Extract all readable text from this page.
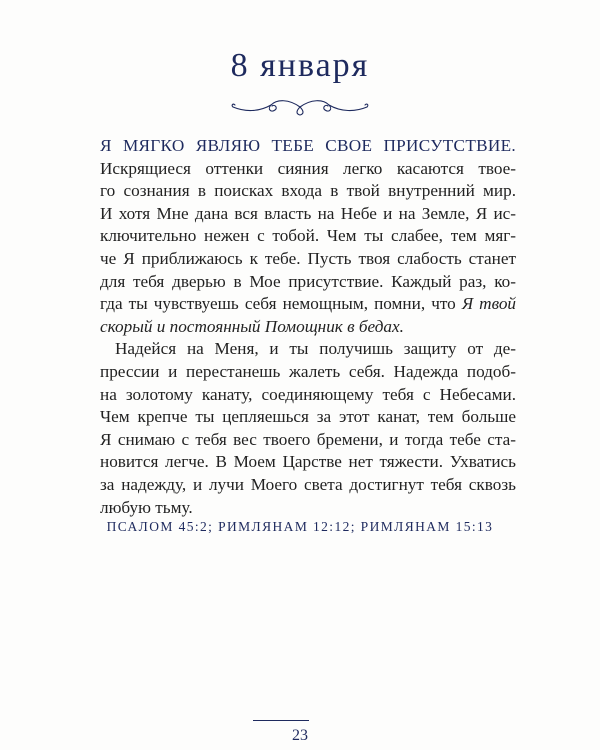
8 января
Я МЯГКО ЯВЛЯЮ ТЕБЕ СВОЕ ПРИСУТСТВИЕ.
Искрящиеся оттенки сияния легко касаются твое-
го сознания в поисках входа в твой внутренний мир.
И хотя Мне дана вся власть на Небе и на Земле, Я ис-
ключительно нежен с тобой. Чем ты слабее, тем мяг-
че Я приближаюсь к тебе. Пусть твоя слабость станет
для тебя дверью в Мое присутствие. Каждый раз, ко-
гда ты чувствуешь себя немощным, помни, что Я твой
скорый и постоянный Помощник в бедах.
Надейся на Меня, и ты получишь защиту от де-
прессии и перестанешь жалеть себя. Надежда подоб-
на золотому канату, соединяющему тебя с Небесами.
Чем крепче ты цепляешься за этот канат, тем больше
Я снимаю с тебя вес твоего бремени, и тогда тебе ста-
новится легче. В Моем Царстве нет тяжести. Ухватись
за надежду, и лучи Моего света достигнут тебя сквозь
любую тьму.
ПСАЛОМ 45:2; РИМЛЯНАМ 12:12; РИМЛЯНАМ 15:13
23
